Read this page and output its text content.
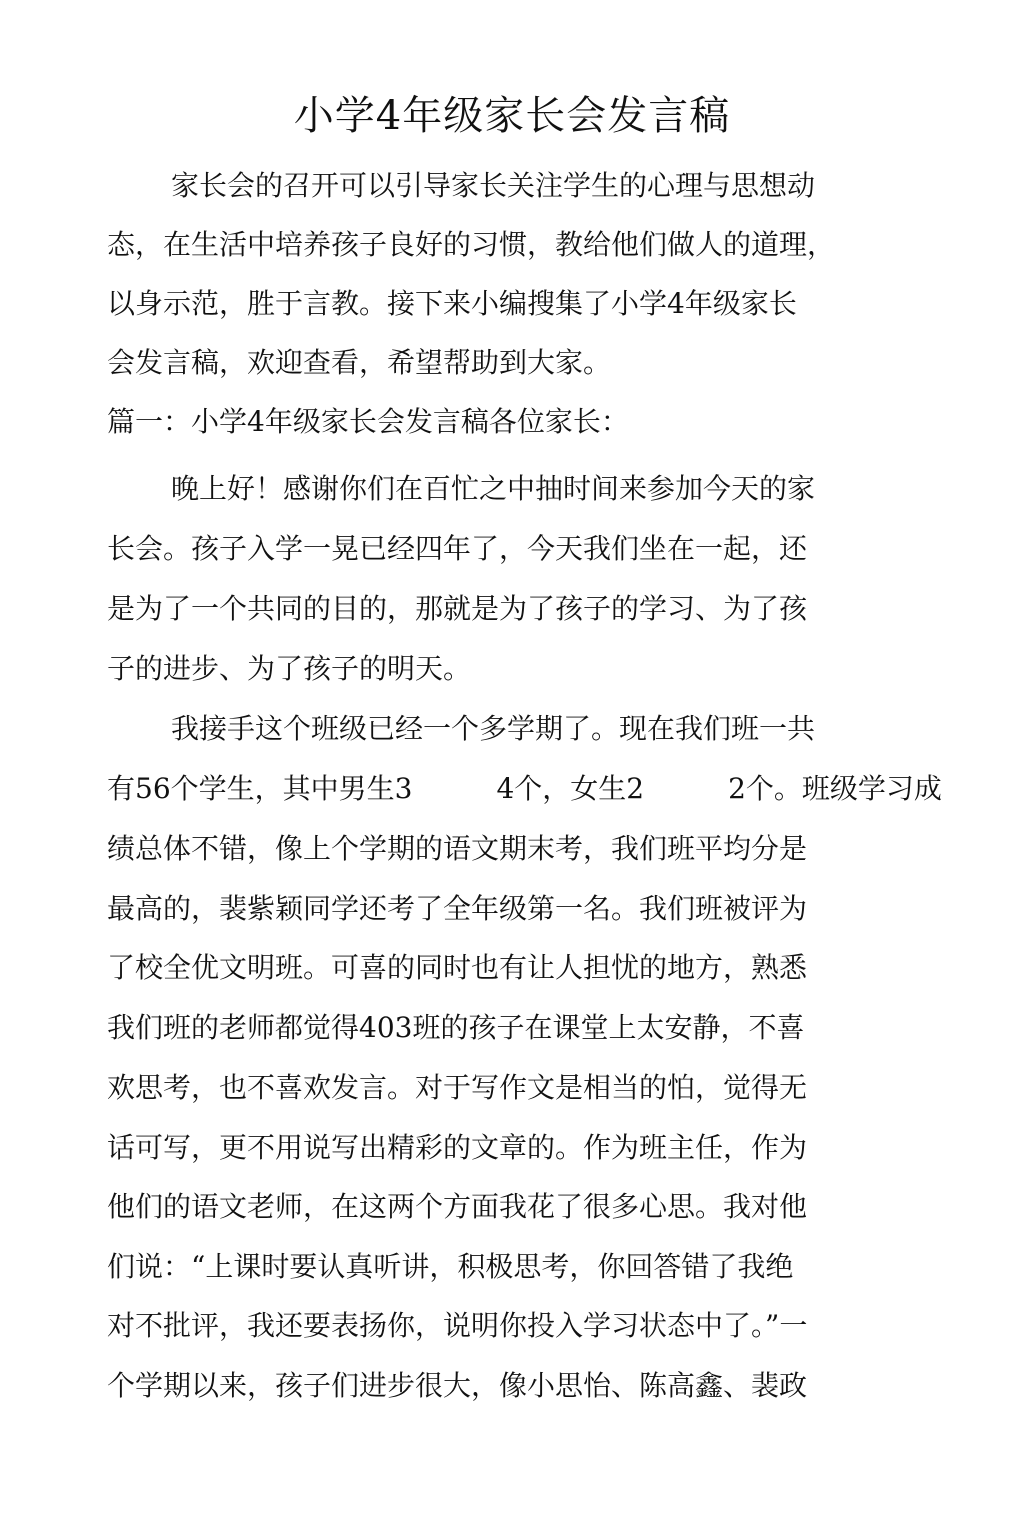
小学4年级家长会发言稿

家长会的召开可以引导家长关注学生的心理与思想动

态，在生活中培养孩子良好的习惯，教给他们做人的道理，

以身示范，胜于言教。接下来小编搜集了小学4年级家长

会发言稿，欢迎查看，希望帮助到大家。

篇一：小学4年级家长会发言稿各位家长：

晚上好！感谢你们在百忙之中抽时间来参加今天的家

长会。孩子入学一晃已经四年了，今天我们坐在一起，还

是为了一个共同的目的，那就是为了孩子的学习、为了孩

子的进步、为了孩子的明天。

我接手这个班级已经一个多学期了。现在我们班一共

有56个学生，其中男生3　　　4个，女生2　　　2个。班级学习成

绩总体不错，像上个学期的语文期末考，我们班平均分是

最高的，裴紫颖同学还考了全年级第一名。我们班被评为

了校全优文明班。可喜的同时也有让人担忧的地方，熟悉

我们班的老师都觉得403班的孩子在课堂上太安静，不喜

欢思考，也不喜欢发言。对于写作文是相当的怕，觉得无

话可写，更不用说写出精彩的文章的。作为班主任，作为

他们的语文老师，在这两个方面我花了很多心思。我对他

们说：“上课时要认真听讲，积极思考，你回答错了我绝

对不批评，我还要表扬你，说明你投入学习状态中了。”一

个学期以来，孩子们进步很大，像小思怡、陈高鑫、裴政
